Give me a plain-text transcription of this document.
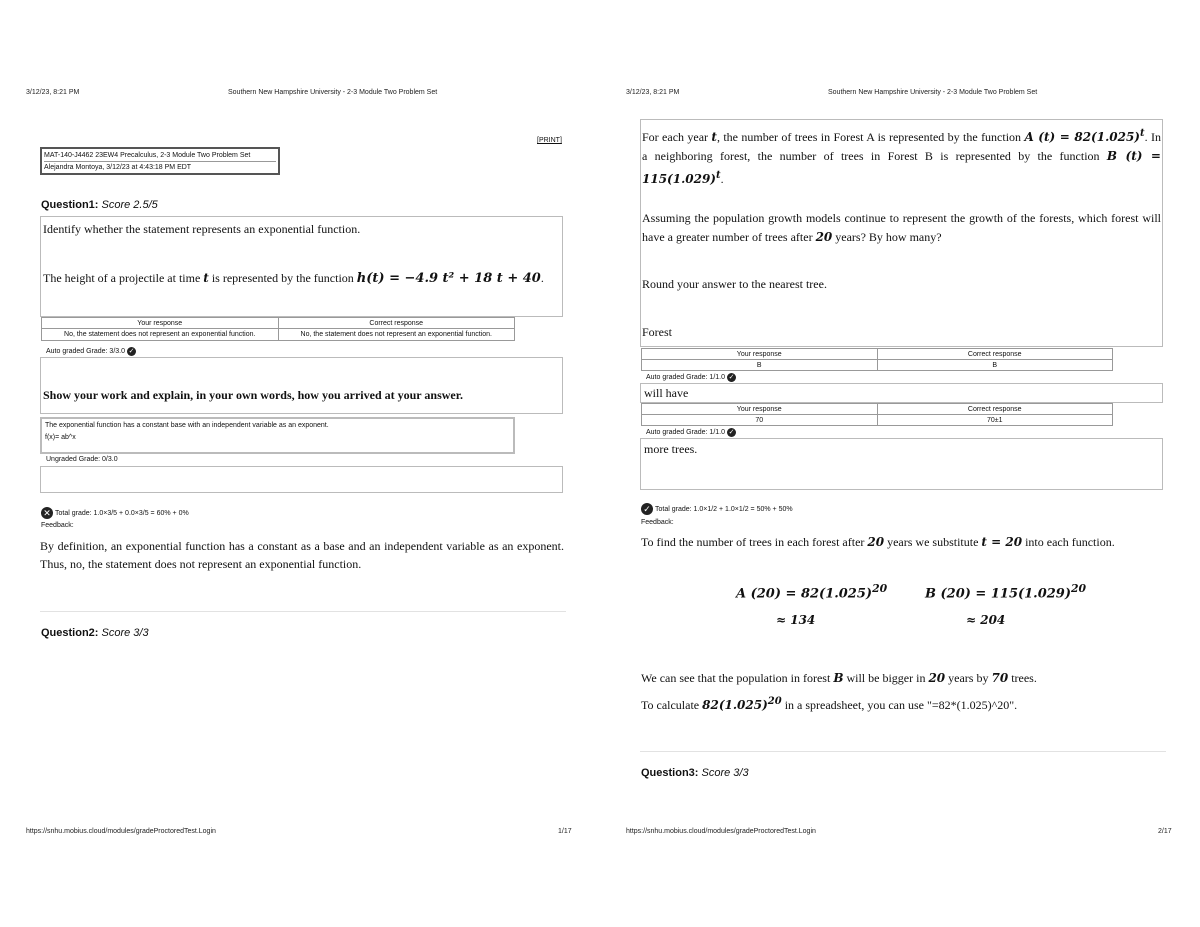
3/12/23, 8:21 PM	Southern New Hampshire University - 2-3 Module Two Problem Set
[PRINT]
MAT-140-J4462 23EW4 Precalculus, 2-3 Module Two Problem Set
Alejandra Montoya, 3/12/23 at 4:43:18 PM EDT
Question1: Score 2.5/5
Identify whether the statement represents an exponential function.
The height of a projectile at time t is represented by the function h(t) = −4.9 t² + 18 t + 40.
Your response	Correct response
No, the statement does not represent an exponential function.	No, the statement does not represent an exponential function.
Auto graded Grade: 3/3.0 ✓
Show your work and explain, in your own words, how you arrived at your answer.
The exponential function has a constant base with an independent variable as an exponent.
f(x)= ab^x
Ungraded Grade: 0/3.0
✕ Total grade: 1.0×3/5 + 0.0×3/5 = 60% + 0%
Feedback:
By definition, an exponential function has a constant as a base and an independent variable as an exponent. Thus, no, the statement does not represent an exponential function.
Question2: Score 3/3
https://snhu.mobius.cloud/modules/gradeProctoredTest.Login	1/17
3/12/23, 8:21 PM	Southern New Hampshire University - 2-3 Module Two Problem Set
For each year t, the number of trees in Forest A is represented by the function A $(t) = 82(1.025)^t$. In a neighboring forest, the number of trees in Forest B is represented by the function B $(t) = 115(1.029)^t$.
Assuming the population growth models continue to represent the growth of the forests, which forest will have a greater number of trees after 20 years? By how many?
Round your answer to the nearest tree.
Forest
Your response	Correct response
B	B
Auto graded Grade: 1/1.0 ✓
will have
Your response	Correct response
70	70±1
Auto graded Grade: 1/1.0 ✓
more trees.
✓ Total grade: 1.0×1/2 + 1.0×1/2 = 50% + 50%
Feedback:
To find the number of trees in each forest after 20 years we substitute t = 20 into each function.
A $(20) = 82(1.025)^{20}$
≈ 134
B $(20) = 115(1.029)^{20}$
≈ 204
We can see that the population in forest B will be bigger in 20 years by 70 trees.
To calculate $82(1.025)^{20}$ in a spreadsheet, you can use "=82*(1.025)^20".
Question3: Score 3/3
https://snhu.mobius.cloud/modules/gradeProctoredTest.Login	2/17
